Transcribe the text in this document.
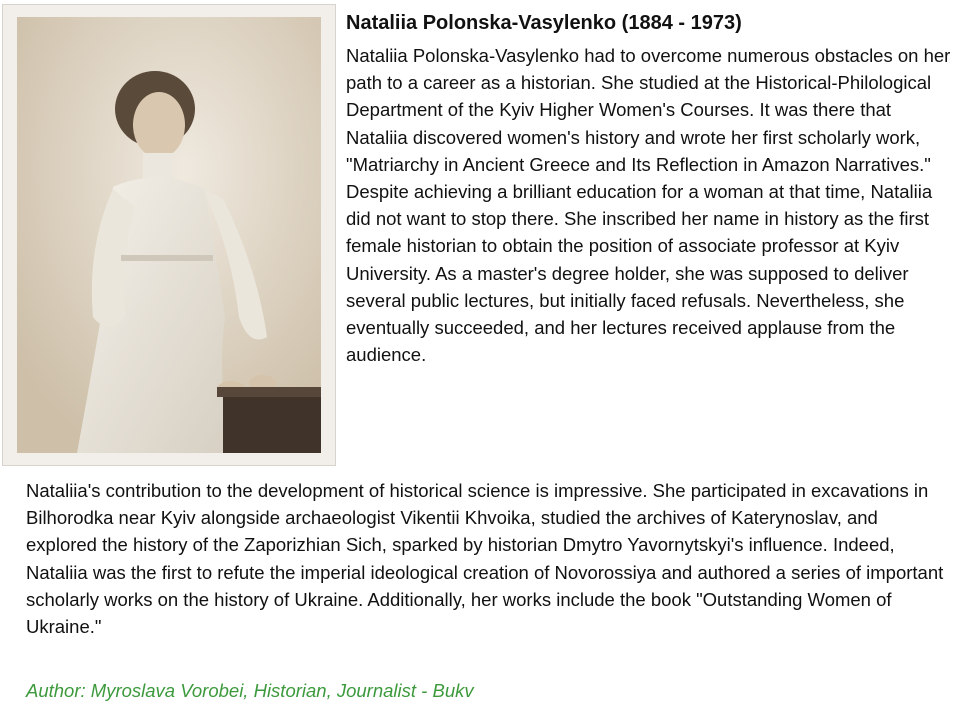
Nataliia Polonska-Vasylenko (1884 - 1973)

Nataliia Polonska-Vasylenko had to overcome numerous obstacles on her path to a career as a historian. She studied at the Historical-Philological Department of the Kyiv Higher Women's Courses. It was there that Nataliia discovered women's history and wrote her first scholarly work, "Matriarchy in Ancient Greece and Its Reflection in Amazon Narratives."

Despite achieving a brilliant education for a woman at that time, Nataliia did not want to stop there. She inscribed her name in history as the first female historian to obtain the position of associate professor at Kyiv University. As a master's degree holder, she was supposed to deliver several public lectures, but initially faced refusals. Nevertheless, she eventually succeeded, and her lectures received applause from the audience.

Nataliia's contribution to the development of historical science is impressive. She participated in excavations in Bilhorodka near Kyiv alongside archaeologist Vikentii Khvoika, studied the archives of Katerynoslav, and explored the history of the Zaporizhian Sich, sparked by historian Dmytro Yavornytskyi's influence. Indeed, Nataliia was the first to refute the imperial ideological creation of Novorossiya and authored a series of important scholarly works on the history of Ukraine. Additionally, her works include the book "Outstanding Women of Ukraine."

Author: Myroslava Vorobei, Historian, Journalist - Bukv
